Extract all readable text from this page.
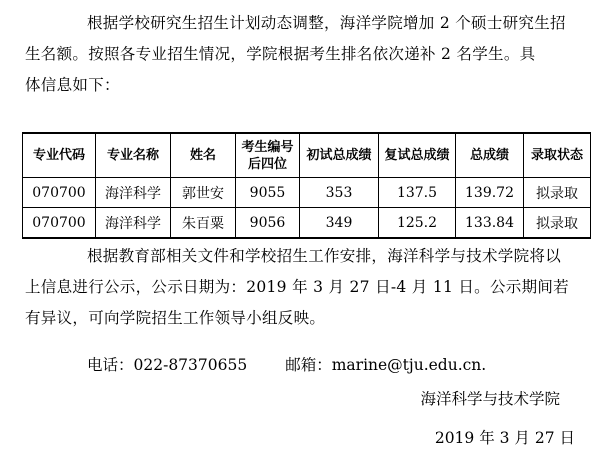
根据学校研究生招生计划动态调整，海洋学院增加 2 个硕士研究生招
生名额。按照各专业招生情况，学院根据考生排名依次递补 2 名学生。具
体信息如下：
专业代码	专业名称	姓名	考生编号
后四位	初试总成绩	复试总成绩	总成绩	录取状态
070700	海洋科学	郭世安	9055	353	137.5	139.72	拟录取
070700	海洋科学	朱百粟	9056	349	125.2	133.84	拟录取
根据教育部相关文件和学校招生工作安排，海洋科学与技术学院将以
上信息进行公示，公示日期为：2019 年 3 月 27 日-4 月 11 日。公示期间若
有异议，可向学院招生工作领导小组反映。
电话：022-87370655 邮箱：marine@tju.edu.cn.
海洋科学与技术学院
2019 年 3 月 27 日
